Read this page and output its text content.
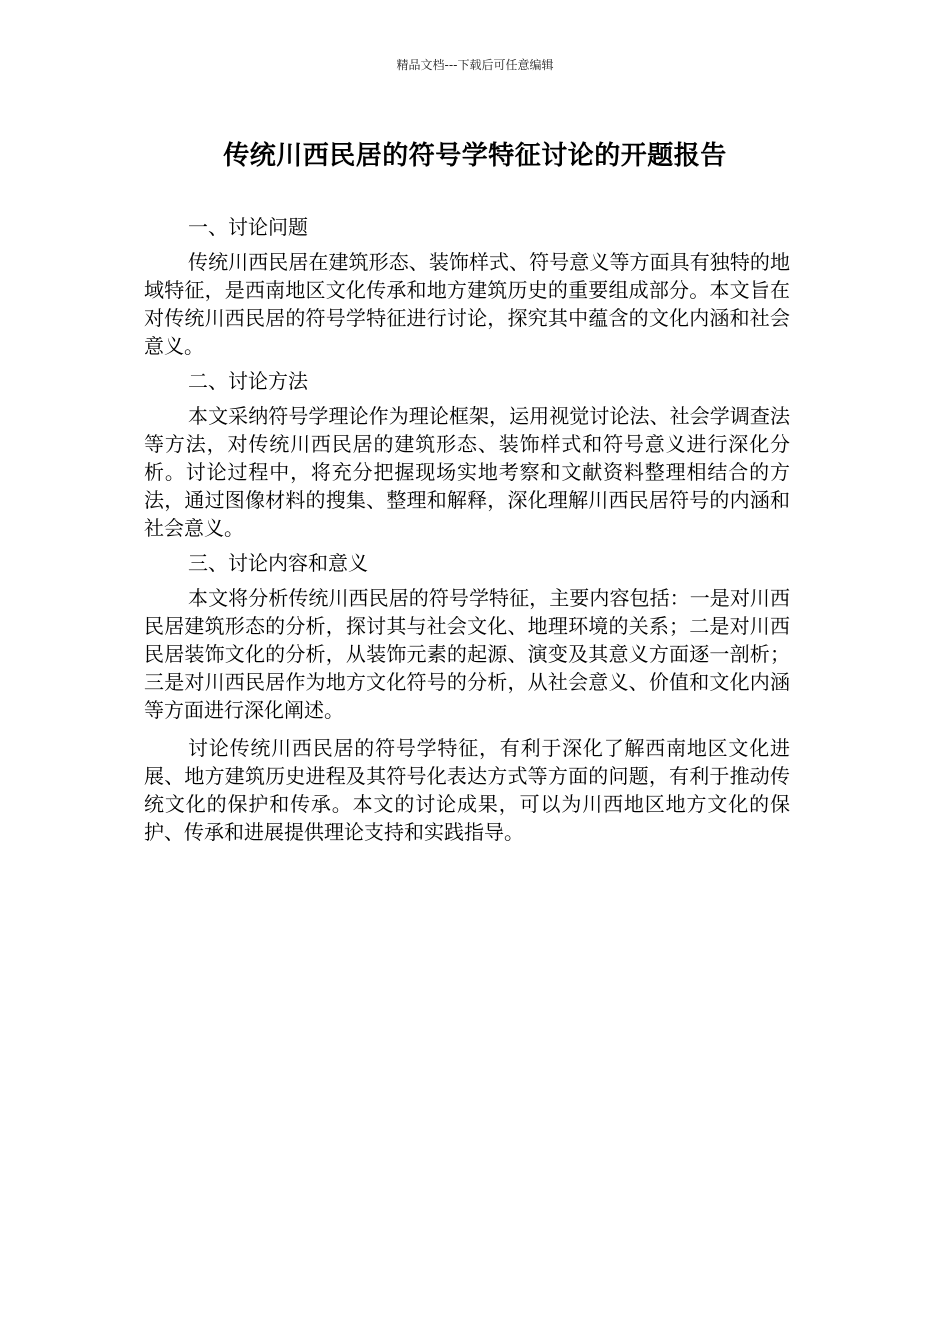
精品文档---下载后可任意编辑
传统川西民居的符号学特征讨论的开题报告
一、讨论问题

传统川西民居在建筑形态、装饰样式、符号意义等方面具有独特的地域特征，是西南地区文化传承和地方建筑历史的重要组成部分。本文旨在对传统川西民居的符号学特征进行讨论，探究其中蕴含的文化内涵和社会意义。

二、讨论方法

本文采纳符号学理论作为理论框架，运用视觉讨论法、社会学调查法等方法，对传统川西民居的建筑形态、装饰样式和符号意义进行深化分析。讨论过程中，将充分把握现场实地考察和文献资料整理相结合的方法，通过图像材料的搜集、整理和解释，深化理解川西民居符号的内涵和社会意义。

三、讨论内容和意义

本文将分析传统川西民居的符号学特征，主要内容包括：一是对川西民居建筑形态的分析，探讨其与社会文化、地理环境的关系；二是对川西民居装饰文化的分析，从装饰元素的起源、演变及其意义方面逐一剖析；三是对川西民居作为地方文化符号的分析，从社会意义、价值和文化内涵等方面进行深化阐述。

讨论传统川西民居的符号学特征，有利于深化了解西南地区文化进展、地方建筑历史进程及其符号化表达方式等方面的问题，有利于推动传统文化的保护和传承。本文的讨论成果，可以为川西地区地方文化的保护、传承和进展提供理论支持和实践指导。
